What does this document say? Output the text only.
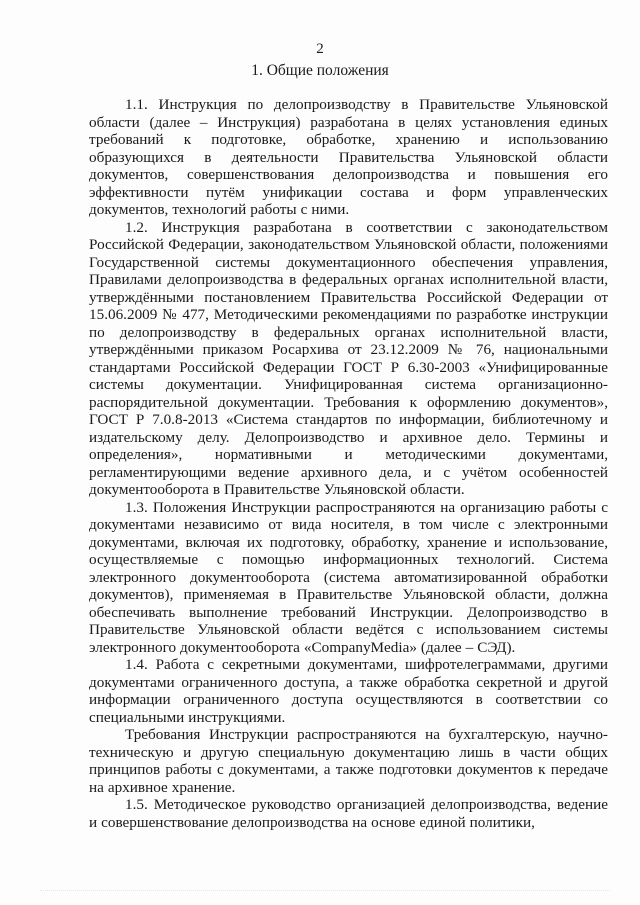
2
1. Общие положения

1.1. Инструкция по делопроизводству в Правительстве Ульяновской области (далее – Инструкция) разработана в целях установления единых требований к подготовке, обработке, хранению и использованию образующихся в деятельности Правительства Ульяновской области документов, совершенствования делопроизводства и повышения его эффективности путём унификации состава и форм управленческих документов, технологий работы с ними.

1.2. Инструкция разработана в соответствии с законодательством Российской Федерации, законодательством Ульяновской области, положениями Государственной системы документационного обеспечения управления, Правилами делопроизводства в федеральных органах исполнительной власти, утверждёнными постановлением Правительства Российской Федерации от 15.06.2009 № 477, Методическими рекомендациями по разработке инструкции по делопроизводству в федеральных органах исполнительной власти, утверждёнными приказом Росархива от 23.12.2009 № 76, национальными стандартами Российской Федерации ГОСТ Р 6.30-2003 «Унифицированные системы документации. Унифицированная система организационно-распорядительной документации. Требования к оформлению документов», ГОСТ Р 7.0.8-2013 «Система стандартов по информации, библиотечному и издательскому делу. Делопроизводство и архивное дело. Термины и определения», нормативными и методическими документами, регламентирующими ведение архивного дела, и с учётом особенностей документооборота в Правительстве Ульяновской области.

1.3. Положения Инструкции распространяются на организацию работы с документами независимо от вида носителя, в том числе с электронными документами, включая их подготовку, обработку, хранение и использование, осуществляемые с помощью информационных технологий. Система электронного документооборота (система автоматизированной обработки документов), применяемая в Правительстве Ульяновской области, должна обеспечивать выполнение требований Инструкции. Делопроизводство в Правительстве Ульяновской области ведётся с использованием системы электронного документооборота «CompanyMedia» (далее – СЭД).

1.4. Работа с секретными документами, шифротелеграммами, другими документами ограниченного доступа, а также обработка секретной и другой информации ограниченного доступа осуществляются в соответствии со специальными инструкциями.

Требования Инструкции распространяются на бухгалтерскую, научно-техническую и другую специальную документацию лишь в части общих принципов работы с документами, а также подготовки документов к передаче на архивное хранение.

1.5. Методическое руководство организацией делопроизводства, ведение и совершенствование делопроизводства на основе единой политики,
